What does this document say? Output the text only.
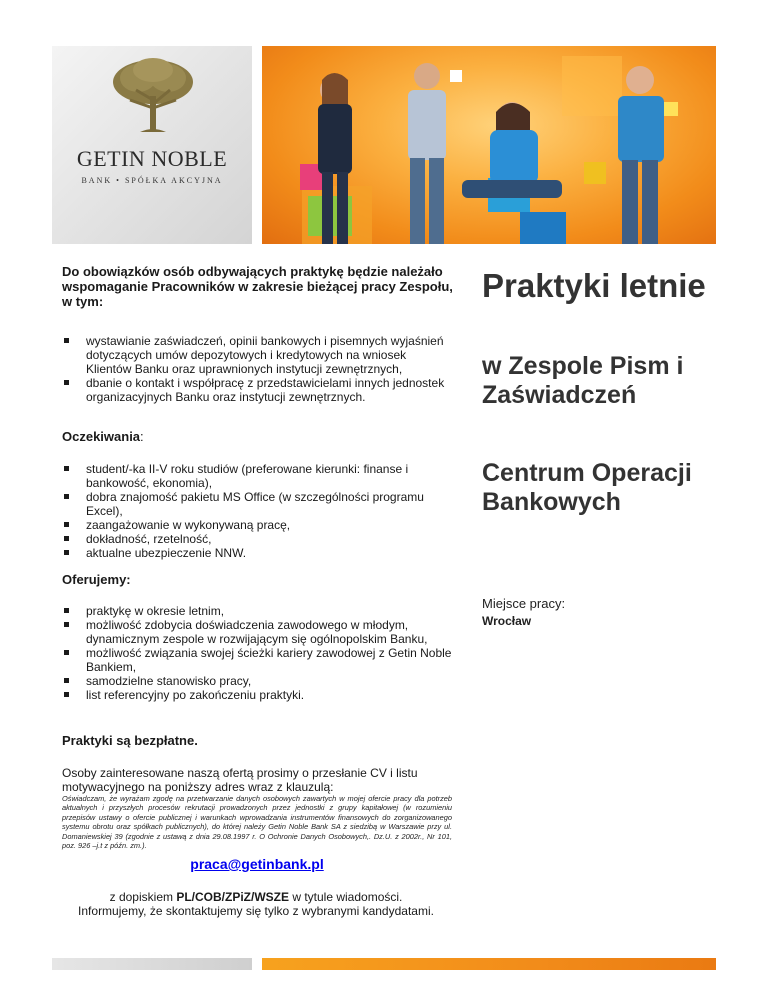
GETIN NOBLE
BANK • SPÓŁKA AKCYJNA
Do obowiązków osób odbywających praktykę będzie należało wspomaganie Pracowników w zakresie bieżącej pracy Zespołu, w tym:
wystawianie zaświadczeń, opinii bankowych i pisemnych wyjaśnień dotyczących umów depozytowych i kredytowych na wniosek Klientów Banku oraz uprawnionych instytucji zewnętrznych,
dbanie o kontakt i współpracę z przedstawicielami innych jednostek organizacyjnych Banku oraz instytucji zewnętrznych.
Oczekiwania:
student/-ka II-V roku studiów (preferowane kierunki: finanse i bankowość, ekonomia),
dobra znajomość pakietu MS Office (w szczególności programu Excel),
zaangażowanie w wykonywaną pracę,
dokładność, rzetelność,
aktualne ubezpieczenie NNW.
Oferujemy:
praktykę w okresie letnim,
możliwość zdobycia doświadczenia zawodowego w młodym, dynamicznym zespole w rozwijającym się ogólnopolskim Banku,
możliwość związania swojej ścieżki kariery zawodowej z Getin Noble Bankiem,
samodzielne stanowisko pracy,
list referencyjny po zakończeniu praktyki.
Praktyki są bezpłatne.
Osoby zainteresowane naszą ofertą prosimy o przesłanie CV i listu motywacyjnego na poniższy adres wraz z klauzulą:
Oświadczam, że wyrażam zgodę na przetwarzanie danych osobowych zawartych w mojej ofercie pracy dla potrzeb aktualnych i przyszłych procesów rekrutacji prowadzonych przez jednostki z grupy kapitałowej (w rozumieniu przepisów ustawy o ofercie publicznej i warunkach wprowadzania instrumentów finansowych do zorganizowanego systemu obrotu oraz spółkach publicznych), do której należy Getin Noble Bank SA z siedzibą w Warszawie przy ul. Domaniewskiej 39 (zgodnie z ustawą z dnia 29.08.1997 r. O Ochronie Danych Osobowych,. Dz.U. z 2002r., Nr 101, poz. 926 –j.t z późn. zm.).
praca@getinbank.pl
z dopiskiem PL/COB/ZPiZ/WSZE w tytule wiadomości.
Informujemy, że skontaktujemy się tylko z wybranymi kandydatami.
Praktyki letnie
w Zespole Pism i Zaświadczeń
Centrum Operacji Bankowych
Miejsce pracy:
Wrocław
